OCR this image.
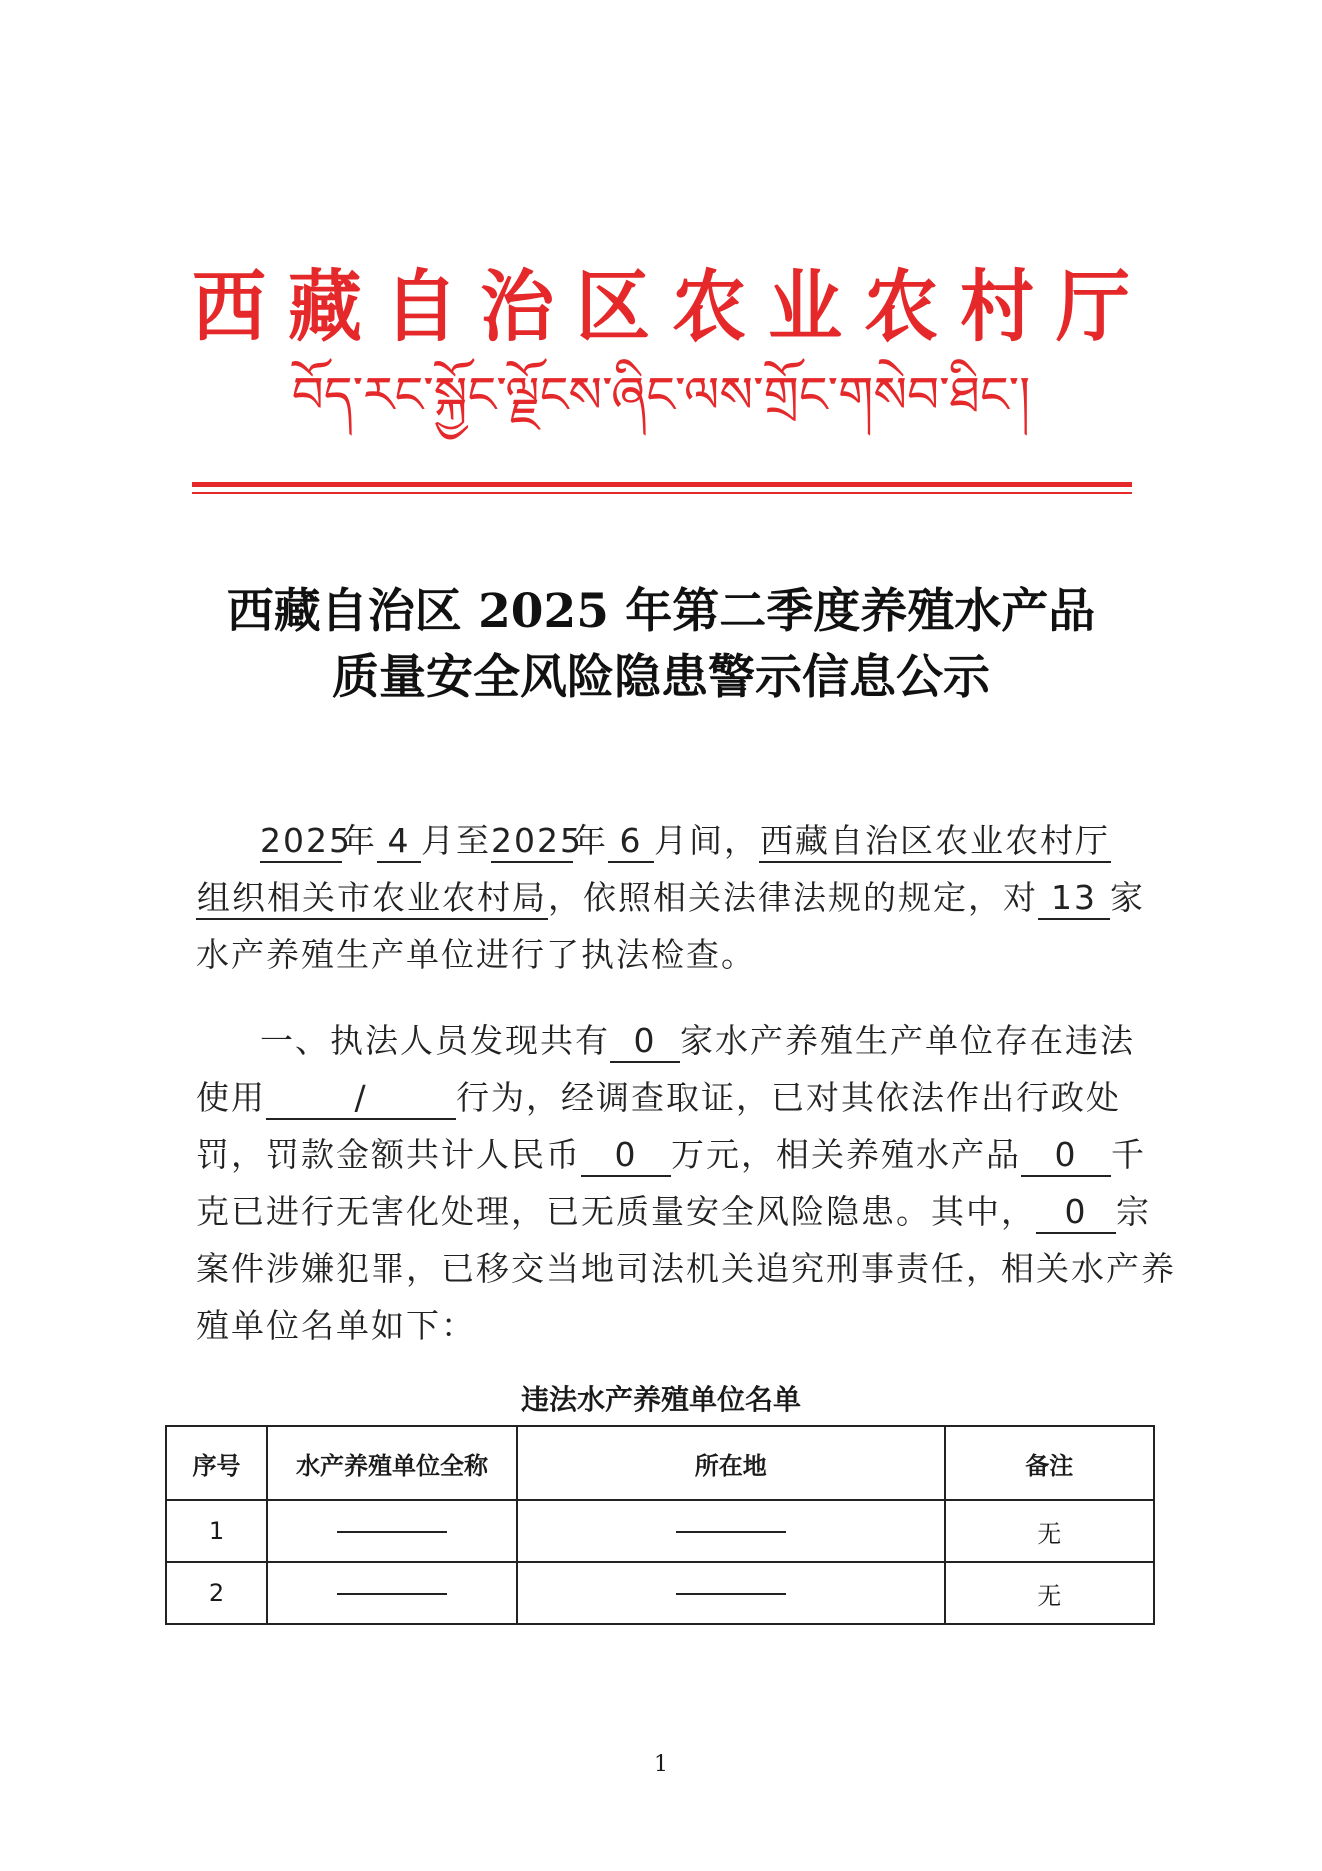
西藏自治区农业农村厅
བོད་རང་སྐྱོང་ལྗོངས་ཞིང་ལས་གྲོང་གསེབ་ཐིང་།
西藏自治区 2025 年第二季度养殖水产品
质量安全风险隐患警示信息公示
2025年 4 月至2025年 6 月间，西藏自治区农业农村厅
组织相关市农业农村局，依照相关法律法规的规定，对 13 家
水产养殖生产单位进行了执法检查。
一、执法人员发现共有 0 家水产养殖生产单位存在违法
使用	/	行为，经调查取证，已对其依法作出行政处
罚，罚款金额共计人民币 0 万元，相关养殖水产品 0 千
克已进行无害化处理，已无质量安全风险隐患。其中， 0 宗
案件涉嫌犯罪，已移交当地司法机关追究刑事责任，相关水产养
殖单位名单如下：
违法水产养殖单位名单
序号	水产养殖单位全称	所在地	备注
1			无
2			无
1
